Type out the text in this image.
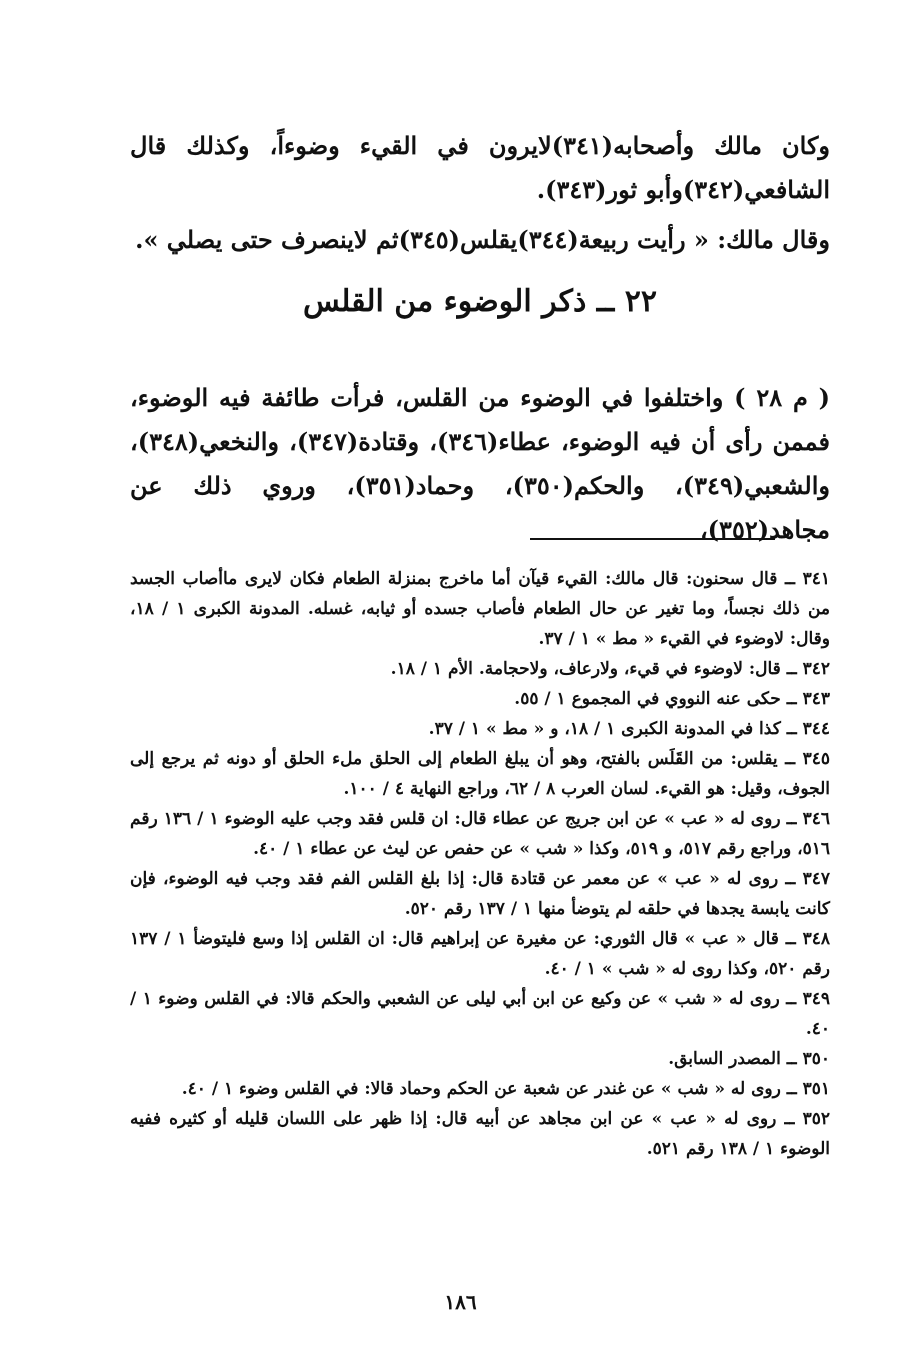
وكان مالك وأصحابه(٣٤١)لايرون في القيء وضوءاً، وكذلك قال الشافعي(٣٤٢)وأبو ثور(٣٤٣).

وقال مالك: « رأيت ربيعة(٣٤٤)يقلس(٣٤٥)ثم لاينصرف حتى يصلي ».

٢٢ ــ ذكر الوضوء من القلس

( م ٢٨ ) واختلفوا في الوضوء من القلس، فرأت طائفة فيه الوضوء، فممن رأى أن فيه الوضوء، عطاء(٣٤٦)، وقتادة(٣٤٧)، والنخعي(٣٤٨)، والشعبي(٣٤٩)، والحكم(٣٥٠)، وحماد(٣٥١)، وروي ذلك عن مجاهد(٣٥٢)،

٣٤١ ــ قال سحنون: قال مالك: القيء قيآن أما ماخرج بمنزلة الطعام فكان لايرى ماأصاب الجسد من ذلك نجساً، وما تغير عن حال الطعام فأصاب جسده أو ثيابه، غسله. المدونة الكبرى ١ / ١٨، وقال: لاوضوء في القيء « مط » ١ / ٣٧.

٣٤٢ ــ قال: لاوضوء في قيء، ولارعاف، ولاحجامة. الأم ١ / ١٨.

٣٤٣ ــ حكى عنه النووي في المجموع ١ / ٥٥.

٣٤٤ ــ كذا في المدونة الكبرى ١ / ١٨، و « مط » ١ / ٣٧.

٣٤٥ ــ يقلس: من القَلَس بالفتح، وهو أن يبلغ الطعام إلى الحلق ملء الحلق أو دونه ثم يرجع إلى الجوف، وقيل: هو القيء. لسان العرب ٨ / ٦٢، وراجع النهاية ٤ / ١٠٠.

٣٤٦ ــ روى له « عب » عن ابن جريج عن عطاء قال: ان قلس فقد وجب عليه الوضوء ١ / ١٣٦ رقم ٥١٦، وراجع رقم ٥١٧، و ٥١٩، وكذا « شب » عن حفص عن ليث عن عطاء ١ / ٤٠.

٣٤٧ ــ روى له « عب » عن معمر عن قتادة قال: إذا بلغ القلس الفم فقد وجب فيه الوضوء، فإن كانت يابسة يجدها في حلقه لم يتوضأ منها ١ / ١٣٧ رقم ٥٢٠.

٣٤٨ ــ قال « عب » قال الثوري: عن مغيرة عن إبراهيم قال: ان القلس إذا وسع فليتوضأ ١ / ١٣٧ رقم ٥٢٠، وكذا روى له « شب » ١ / ٤٠.

٣٤٩ ــ روى له « شب » عن وكيع عن ابن أبي ليلى عن الشعبي والحكم قالا: في القلس وضوء ١ / ٤٠.

٣٥٠ ــ المصدر السابق.

٣٥١ ــ روى له « شب » عن غندر عن شعبة عن الحكم وحماد قالا: في القلس وضوء ١ / ٤٠.

٣٥٢ ــ روى له « عب » عن ابن مجاهد عن أبيه قال: إذا ظهر على اللسان قليله أو كثيره ففيه الوضوء ١ / ١٣٨ رقم ٥٢١.

١٨٦
